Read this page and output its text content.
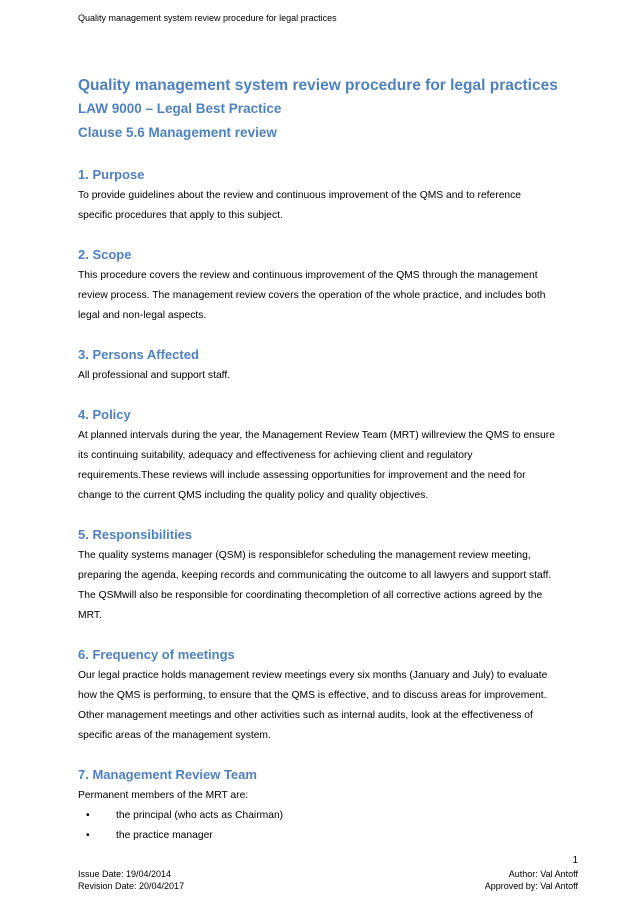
Quality management system review procedure for legal practices
Quality management system review procedure for legal practices
LAW 9000 – Legal Best Practice
Clause 5.6 Management review
1. Purpose

To provide guidelines about the review and continuous improvement of the QMS and to reference
specific procedures that apply to this subject.

2. Scope

This procedure covers the review and continuous improvement of the QMS through the management
review process. The management review covers the operation of the whole practice, and includes both
legal and non-legal aspects.

3. Persons Affected

All professional and support staff.

4. Policy

At planned intervals during the year, the Management Review Team (MRT) willreview the QMS to ensure
its continuing suitability, adequacy and effectiveness for achieving client and regulatory
requirements.These reviews will include assessing opportunities for improvement and the need for
change to the current QMS including the quality policy and quality objectives.

5. Responsibilities

The quality systems manager (QSM) is responsiblefor scheduling the management review meeting,
preparing the agenda, keeping records and communicating the outcome to all lawyers and support staff.
The QSMwill also be responsible for coordinating thecompletion of all corrective actions agreed by the
MRT.

6. Frequency of meetings

Our legal practice holds management review meetings every six months (January and July) to evaluate
how the QMS is performing, to ensure that the QMS is effective, and to discuss areas for improvement.
Other management meetings and other activities such as internal audits, look at the effectiveness of
specific areas of the management system.

7. Management Review Team

Permanent members of the MRT are:

•	the principal (who acts as Chairman)
•	the practice manager
1
Issue Date: 19/04/2014
Revision Date: 20/04/2017
Author: Val Antoff
Approved by: Val Antoff
